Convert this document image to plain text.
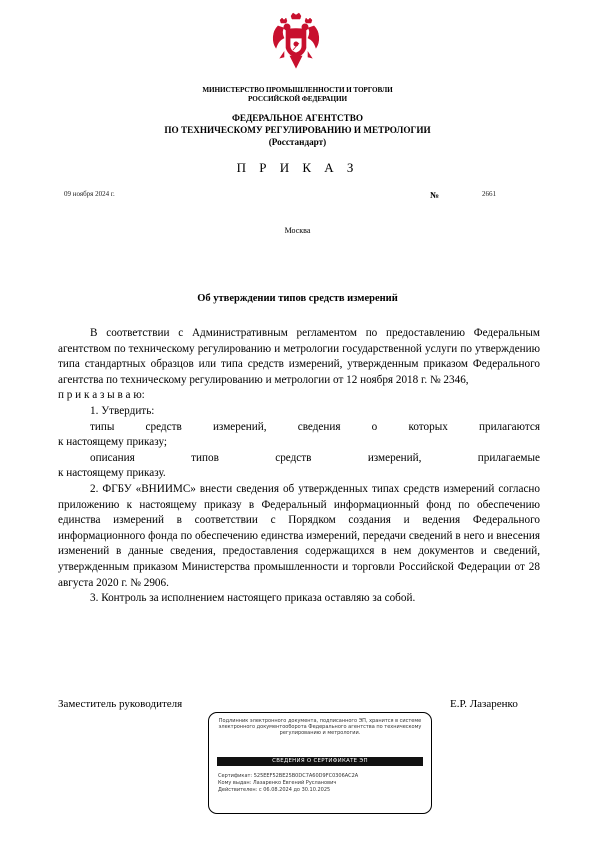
МИНИСТЕРСТВО ПРОМЫШЛЕННОСТИ И ТОРГОВЛИ
РОССИЙСКОЙ ФЕДЕРАЦИИ
ФЕДЕРАЛЬНОЕ АГЕНТСТВО
ПО ТЕХНИЧЕСКОМУ РЕГУЛИРОВАНИЮ И МЕТРОЛОГИИ
(Росстандарт)
П Р И К А З
09 ноября 2024 г.	№	2661
Москва
Об утверждении типов средств измерений

В соответствии с Административным регламентом по предоставлению Федеральным агентством по техническому регулированию и метрологии государственной услуги по утверждению типа стандартных образцов или типа средств измерений, утвержденным приказом Федерального агентства по техническому регулированию и метрологии от 12 ноября 2018 г. № 2346,

п р и к а з ы в а ю:

1. Утвердить:

типы средств измерений, сведения о которых прилагаются

к настоящему приказу;

описания типов средств измерений, прилагаемые

к настоящему приказу.

2. ФГБУ «ВНИИМС» внести сведения об утвержденных типах средств измерений согласно приложению к настоящему приказу в Федеральный информационный фонд по обеспечению единства измерений в соответствии с Порядком создания и ведения Федерального информационного фонда по обеспечению единства измерений, передачи сведений в него и внесения изменений в данные сведения, предоставления содержащихся в нем документов и сведений, утвержденным приказом Министерства промышленности и торговли Российской Федерации от 28 августа 2020 г. № 2906.

3. Контроль за исполнением настоящего приказа оставляю за собой.

Заместитель руководителя	Е.Р. Лазаренко
Подлинник электронного документа, подписанного ЭП, хранится в системе электронного документооборота Федерального агентства по техническому регулированию и метрологии.
СВЕДЕНИЯ О СЕРТИФИКАТЕ ЭП
Сертификат: 525EEF52BE25B0DC7A60D9FC0306AC2A
Кому выдан: Лазаренко Евгений Русланович
Действителен: с 06.08.2024 до 30.10.2025
